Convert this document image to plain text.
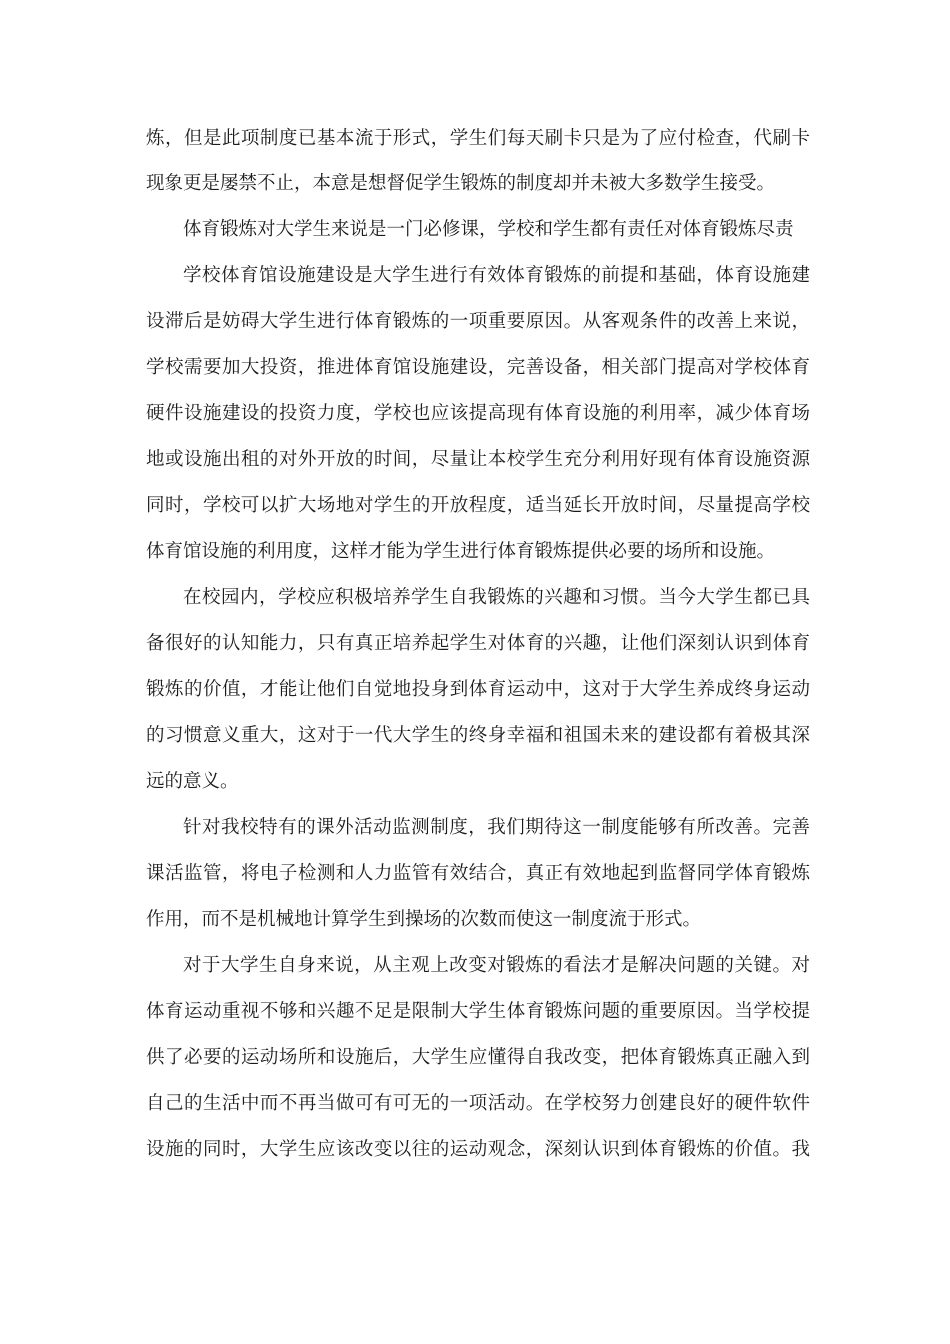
炼，但是此项制度已基本流于形式，学生们每天刷卡只是为了应付检查，代刷卡
现象更是屡禁不止，本意是想督促学生锻炼的制度却并未被大多数学生接受。
体育锻炼对大学生来说是一门必修课，学校和学生都有责任对体育锻炼尽责
学校体育馆设施建设是大学生进行有效体育锻炼的前提和基础，体育设施建
设滞后是妨碍大学生进行体育锻炼的一项重要原因。从客观条件的改善上来说，
学校需要加大投资，推进体育馆设施建设，完善设备，相关部门提高对学校体育
硬件设施建设的投资力度，学校也应该提高现有体育设施的利用率，减少体育场
地或设施出租的对外开放的时间，尽量让本校学生充分利用好现有体育设施资源
同时，学校可以扩大场地对学生的开放程度，适当延长开放时间，尽量提高学校
体育馆设施的利用度，这样才能为学生进行体育锻炼提供必要的场所和设施。
在校园内，学校应积极培养学生自我锻炼的兴趣和习惯。当今大学生都已具
备很好的认知能力，只有真正培养起学生对体育的兴趣，让他们深刻认识到体育
锻炼的价值，才能让他们自觉地投身到体育运动中，这对于大学生养成终身运动
的习惯意义重大，这对于一代大学生的终身幸福和祖国未来的建设都有着极其深
远的意义。
针对我校特有的课外活动监测制度，我们期待这一制度能够有所改善。完善
课活监管，将电子检测和人力监管有效结合，真正有效地起到监督同学体育锻炼
作用，而不是机械地计算学生到操场的次数而使这一制度流于形式。
对于大学生自身来说，从主观上改变对锻炼的看法才是解决问题的关键。对
体育运动重视不够和兴趣不足是限制大学生体育锻炼问题的重要原因。当学校提
供了必要的运动场所和设施后，大学生应懂得自我改变，把体育锻炼真正融入到
自己的生活中而不再当做可有可无的一项活动。在学校努力创建良好的硬件软件
设施的同时，大学生应该改变以往的运动观念，深刻认识到体育锻炼的价值。我
